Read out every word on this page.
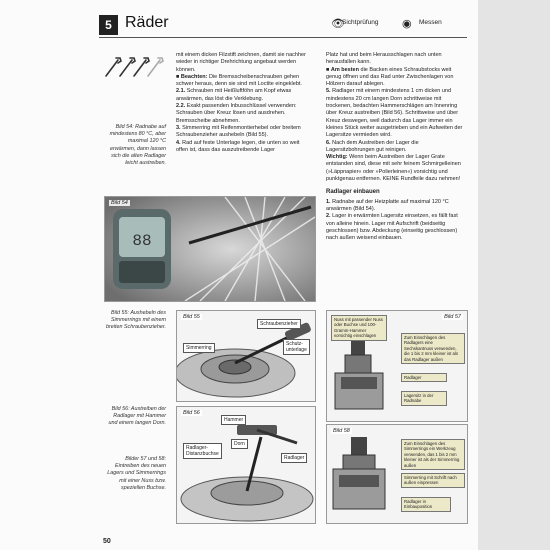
5 Räder	👁
Sichtprüfung ◉ Messen
Bild 54: Radnabe auf mindestens 80 °C, aber maximal 120 °C erwärmen, dann lassen sich die alten Radlager leicht austreiben.
Bild 55: Aushebeln des Simmerrings mit einem breiten Schraubenzieher.
Bild 56: Austreiben der Radlager mit Hammer und einem langen Dorn.
Bilder 57 und 58: Eintreiben des neuen Lagers und Simmerrings mit einer Nuss bzw. speziellen Buchse.

mit einem dicken Filzstift zeichnen, damit sie nachher wieder in richtiger Drehrichtung angebaut werden können.

■ Beachten: Die Bremsscheibenschrauben gehen schwer heraus, denn sie sind mit Loctite eingeklebt.

2.1. Schrauben mit Heißluftföhn am Kopf etwas anwärmen, das löst die Verklebung.

2.2. Exakt passenden Inbusschlüssel verwenden: Schrauben über Kreuz lösen und ausdrehen. Bremsscheibe abnehmen.

3. Simmerring mit Reifenmontierhebel oder breitem Schraubenzieher aushebeln (Bild 55).

4. Rad auf feste Unterlage legen, die unten so weit offen ist, dass das auszutreibende Lager

Platz hat und beim Herausschlagen nach unten herausfallen kann.

■ Am besten die Backen eines Schraubstocks weit genug öffnen und das Rad unter Zwischenlagen von Hölzern darauf ablegen.

5. Radlager mit einem mindestens 1 cm dicken und mindestens 20 cm langen Dorn schrittweise mit trockenen, bedachten Hammerschlägen am Innenring über Kreuz austreiben (Bild 56). Schrittweise und über Kreuz deswegen, weil dadurch das Lager immer ein kleines Stück weiter ausgetrieben und ein Aufweiten der Lagersitze vermieden wird.

6. Nach dem Austreiben der Lager die Lagersitzbohrungen gut reinigen.

Wichtig: Wenn beim Austreiben der Lager Grate entstanden sind, diese mit sehr feinem Schmirgelleinen (»Läppnapier« oder »Polierleinen«) vorsichtig und punktgenau entfernen. KEINE Rundfeile dazu nehmen!

Radlager einbauen

1. Radnabe auf der Heizplatte auf maximal 120 °C anwärmen (Bild 54).

2. Lager in erwärmten Lagersitz einsetzen, es fällt fast von alleine hinein. Lager mit Aufschrift (beidseitig geschlossen) bzw. Abdeckung (einseitig geschlossen) nach außen weisend einbauen.

88
Bild 54
Bild 55
Schraubenzieher
Simmerring
Schutz-
unterlage
Bild 56
Hammer
Radlager-
Distanzbuchse
Dorn
Radlager
Bild 57
Nuss mit passender Nuss oder Buchse und 100-Gramm-Hammer vorsichtig einschlagen	Zum Einschlagen des Radlagers eine Sechskantnuss verwenden, die 1 bis 2 mm kleiner ist als das Radlager außen
Radlager
Lagersitz in der Radnabe
Bild 58
Zum Einschlagen des Simmerrings ein Werkzeug verwenden, das 1 bis 2 mm kleiner ist als der Simmerring außen
Simmerring mit Schrift nach außen einpressen
Radlager in Einbauposition
50
